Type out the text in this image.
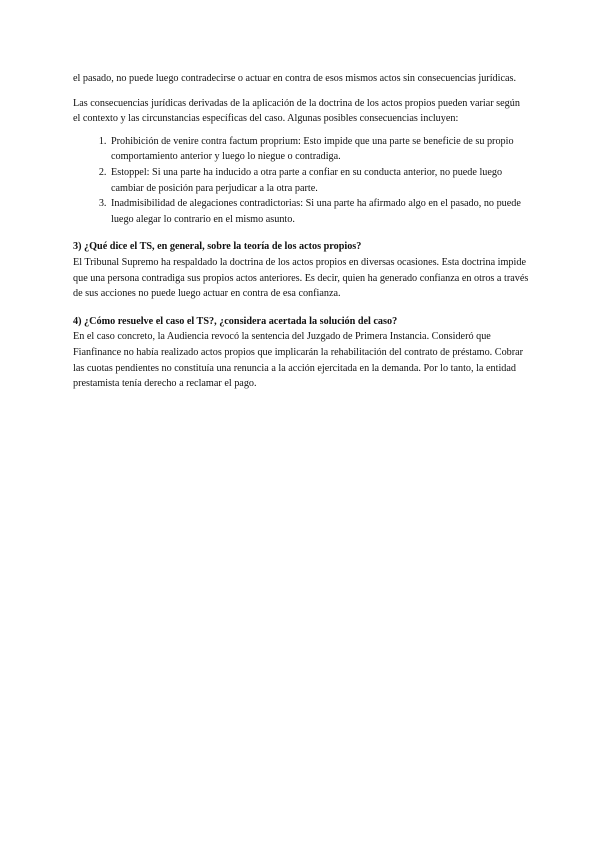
el pasado, no puede luego contradecirse o actuar en contra de esos mismos actos sin consecuencias jurídicas.

Las consecuencias jurídicas derivadas de la aplicación de la doctrina de los actos propios pueden variar según el contexto y las circunstancias específicas del caso. Algunas posibles consecuencias incluyen:

1. Prohibición de venire contra factum proprium: Esto impide que una parte se beneficie de su propio comportamiento anterior y luego lo niegue o contradiga.
2. Estoppel: Si una parte ha inducido a otra parte a confiar en su conducta anterior, no puede luego cambiar de posición para perjudicar a la otra parte.
3. Inadmisibilidad de alegaciones contradictorias: Si una parte ha afirmado algo en el pasado, no puede luego alegar lo contrario en el mismo asunto.

3) ¿Qué dice el TS, en general, sobre la teoría de los actos propios?

El Tribunal Supremo ha respaldado la doctrina de los actos propios en diversas ocasiones. Esta doctrina impide que una persona contradiga sus propios actos anteriores. Es decir, quien ha generado confianza en otros a través de sus acciones no puede luego actuar en contra de esa confianza.

4) ¿Cómo resuelve el caso el TS?, ¿considera acertada la solución del caso?

En el caso concreto, la Audiencia revocó la sentencia del Juzgado de Primera Instancia. Consideró que Fianfinance no había realizado actos propios que implicarán la rehabilitación del contrato de préstamo. Cobrar las cuotas pendientes no constituía una renuncia a la acción ejercitada en la demanda. Por lo tanto, la entidad prestamista tenía derecho a reclamar el pago.
